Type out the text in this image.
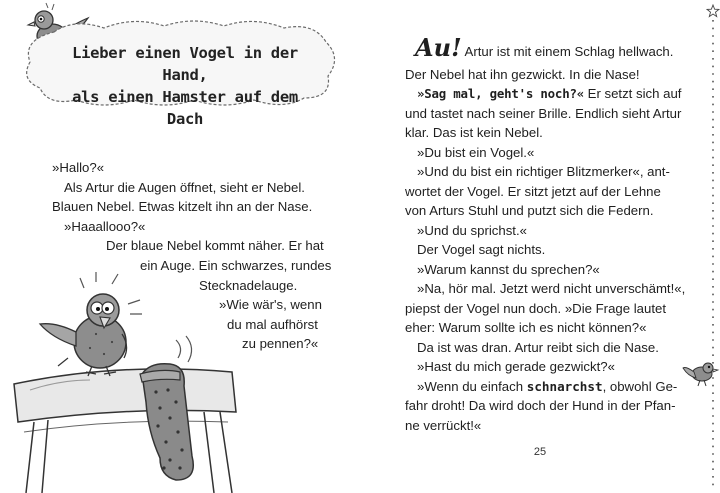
Lieber einen Vogel in der Hand,
als einen Hamster auf dem Dach
»Hallo?«
Als Artur die Augen öffnet, sieht er Nebel.
Blauen Nebel. Etwas kitzelt ihn an der Nase.
»Haaallooo?«
Der blaue Nebel kommt näher. Er hat
ein Auge. Ein schwarzes, rundes
Stecknadelauge.
»Wie wär's, wenn
du mal aufhörst
zu pennen?«
Au! Artur ist mit einem Schlag hellwach.
Der Nebel hat ihn gezwickt. In die Nase!
»Sag mal, geht's noch?« Er setzt sich auf
und tastet nach seiner Brille. Endlich sieht Artur
klar. Das ist kein Nebel.
»Du bist ein Vogel.«
»Und du bist ein richtiger Blitzmerker«, ant-
wortet der Vogel. Er sitzt jetzt auf der Lehne
von Arturs Stuhl und putzt sich die Federn.
»Und du sprichst.«
Der Vogel sagt nichts.
»Warum kannst du sprechen?«
»Na, hör mal. Jetzt werd nicht unverschämt!«,
piepst der Vogel nun doch. »Die Frage lautet
eher: Warum sollte ich es nicht können?«
Da ist was dran. Artur reibt sich die Nase.
»Hast du mich gerade gezwickt?«
»Wenn du einfach schnarchst, obwohl Ge-
fahr droht! Da wird doch der Hund in der Pfan-
ne verrückt!«
25
